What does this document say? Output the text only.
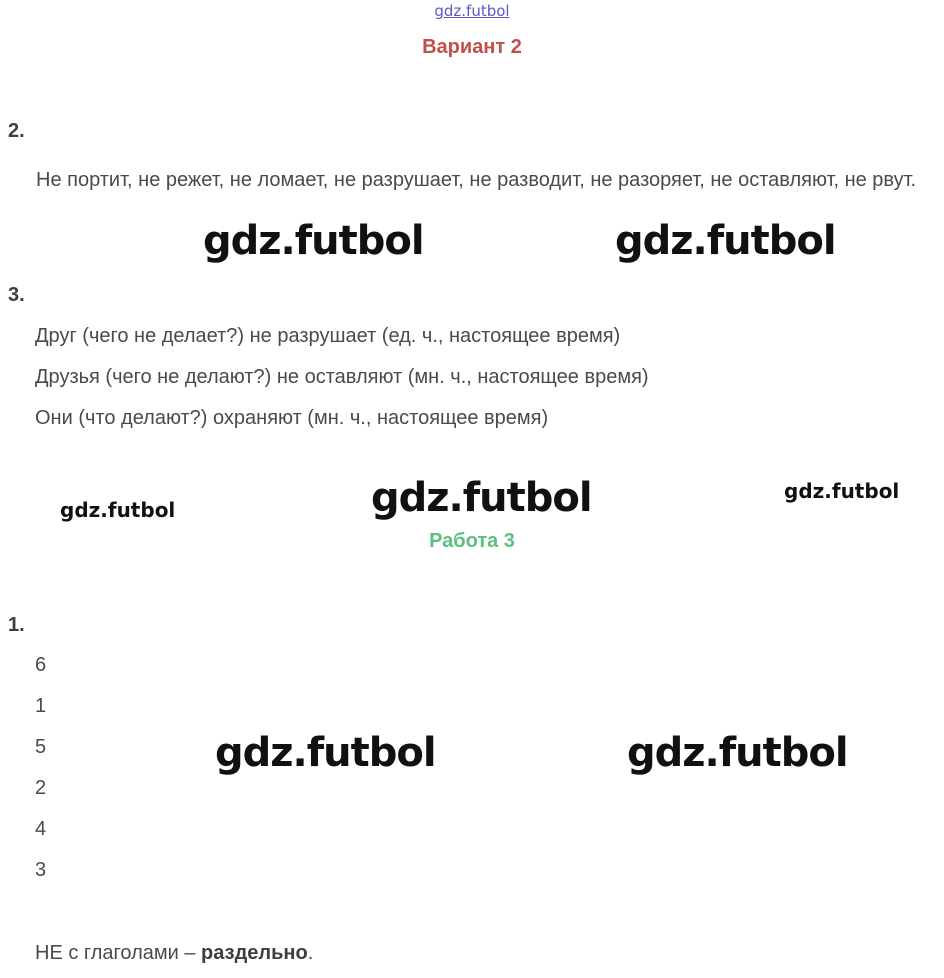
gdz.futbol
Вариант 2
2.
Не портит, не режет, не ломает, не разрушает, не разводит, не разоряет, не оставляют, не рвут.
gdz.futbol	gdz.futbol
3.
Друг (чего не делает?) не разрушает (ед. ч., настоящее время)
Друзья (чего не делают?) не оставляют (мн. ч., настоящее время)
Они (что делают?) охраняют (мн. ч., настоящее время)
gdz.futbol	gdz.futbol	gdz.futbol
Работа 3
1.
6
1
5
2
4
3
gdz.futbol	gdz.futbol
НЕ с глаголами – раздельно.
